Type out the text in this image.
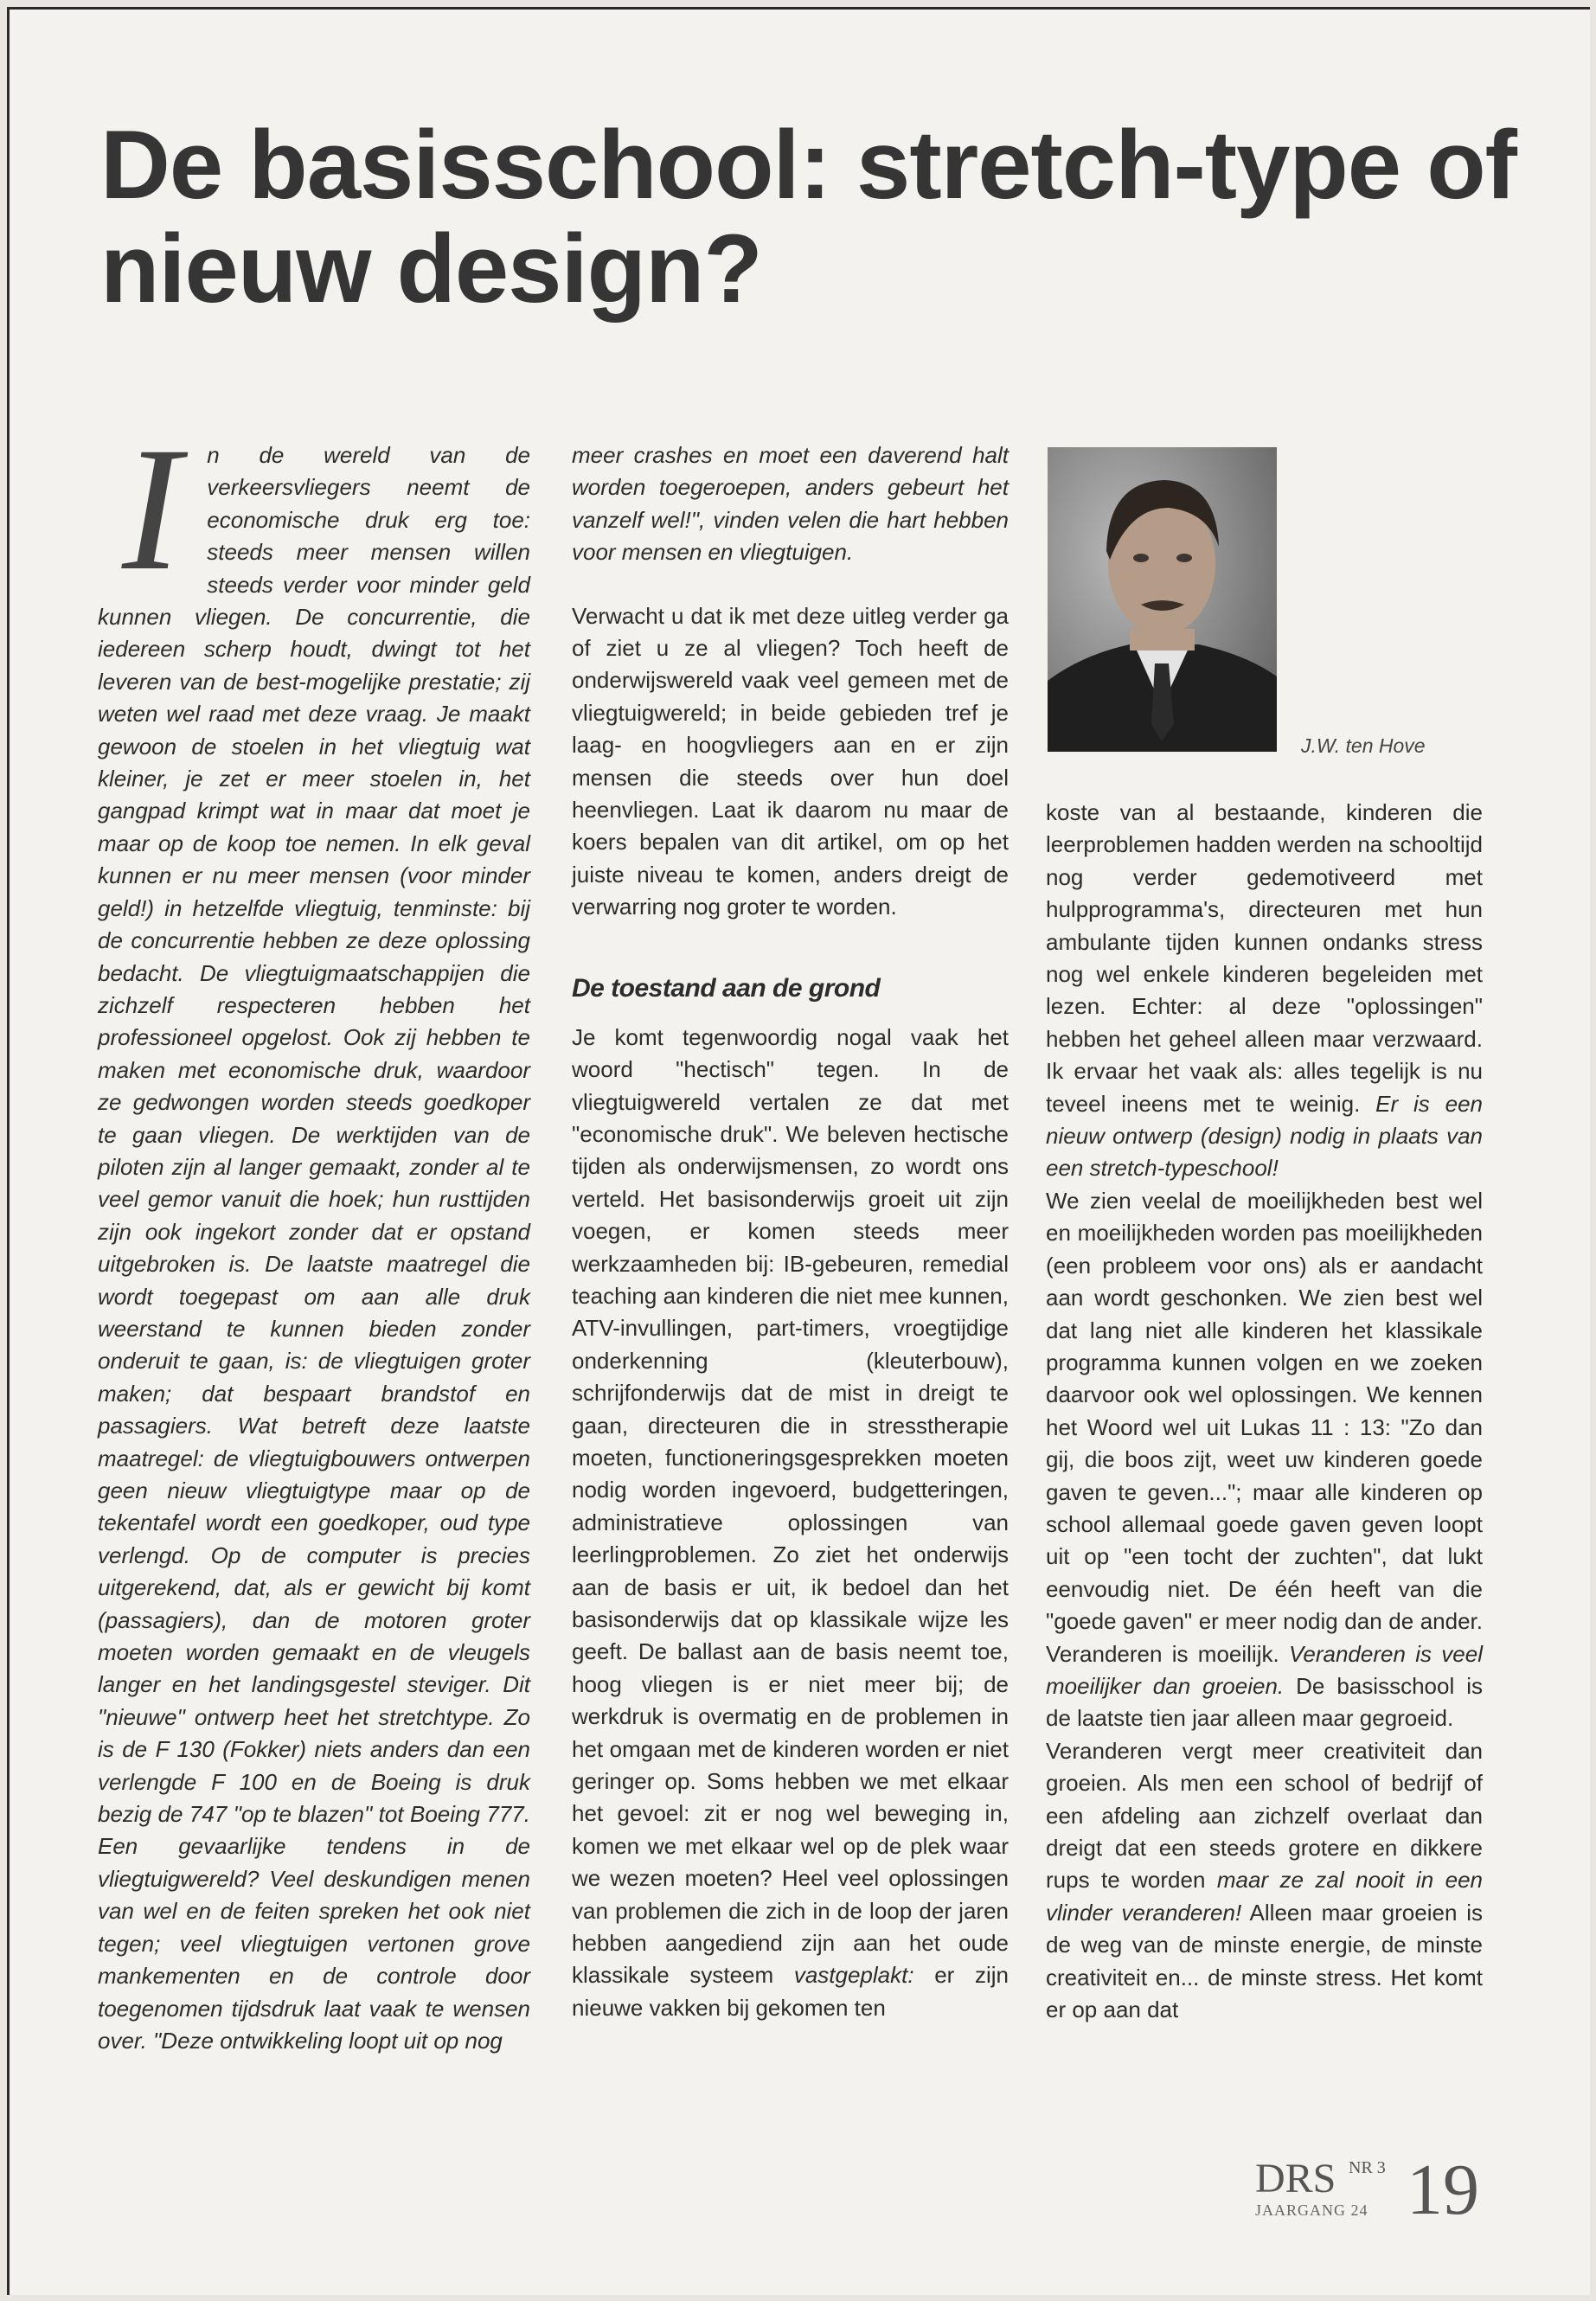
De basisschool: stretch-type of nieuw design?
I	n de wereld van de verkeersvliegers neemt de economische druk erg toe: steeds meer mensen willen steeds verder voor minder geld kunnen vliegen. De concurrentie, die iedereen scherp houdt, dwingt tot het leveren van de best-mogelijke prestatie; zij weten wel raad met deze vraag. Je maakt gewoon de stoelen in het vliegtuig wat kleiner, je zet er meer stoelen in, het gangpad krimpt wat in maar dat moet je maar op de koop toe nemen. In elk geval kunnen er nu meer mensen (voor minder geld!) in hetzelfde vliegtuig, tenminste: bij de concurrentie hebben ze deze oplossing bedacht. De vliegtuigmaatschappijen die zichzelf respecteren hebben het professioneel opgelost. Ook zij hebben te maken met economische druk, waardoor ze gedwongen worden steeds goedkoper te gaan vliegen. De werktijden van de piloten zijn al langer gemaakt, zonder al te veel gemor vanuit die hoek; hun rusttijden zijn ook ingekort zonder dat er opstand uitgebroken is. De laatste maatregel die wordt toegepast om aan alle druk weerstand te kunnen bieden zonder onderuit te gaan, is: de vliegtuigen groter maken; dat bespaart brandstof en passagiers. Wat betreft deze laatste maatregel: de vliegtuigbouwers ontwerpen geen nieuw vliegtuigtype maar op de tekentafel wordt een goedkoper, oud type verlengd. Op de computer is precies uitgerekend, dat, als er gewicht bij komt (passagiers), dan de motoren groter moeten worden gemaakt en de vleugels langer en het landingsgestel steviger. Dit "nieuwe" ontwerp heet het stretchtype. Zo is de F 130 (Fokker) niets anders dan een verlengde F 100 en de Boeing is druk bezig de 747 "op te blazen" tot Boeing 777. Een gevaarlijke tendens in de vliegtuigwereld? Veel deskundigen menen van wel en de feiten spreken het ook niet tegen; veel vliegtuigen vertonen grove mankementen en de controle door toegenomen tijdsdruk laat vaak te wensen over. "Deze ontwikkeling loopt uit op nog

meer crashes en moet een daverend halt worden toegeroepen, anders gebeurt het vanzelf wel!", vinden velen die hart hebben voor mensen en vliegtuigen.

Verwacht u dat ik met deze uitleg verder ga of ziet u ze al vliegen? Toch heeft de onderwijswereld vaak veel gemeen met de vliegtuigwereld; in beide gebieden tref je laag- en hoogvliegers aan en er zijn mensen die steeds over hun doel heenvliegen. Laat ik daarom nu maar de koers bepalen van dit artikel, om op het juiste niveau te komen, anders dreigt de verwarring nog groter te worden.

De toestand aan de grond

Je komt tegenwoordig nogal vaak het woord "hectisch" tegen. In de vliegtuigwereld vertalen ze dat met "economische druk". We beleven hectische tijden als onderwijsmensen, zo wordt ons verteld. Het basisonderwijs groeit uit zijn voegen, er komen steeds meer werkzaamheden bij: IB-gebeuren, remedial teaching aan kinderen die niet mee kunnen, ATV-invullingen, part-timers, vroegtijdige onderkenning (kleuterbouw), schrijfonderwijs dat de mist in dreigt te gaan, directeuren die in stresstherapie moeten, functioneringsgesprekken moeten nodig worden ingevoerd, budgetteringen, administratieve oplossingen van leerlingproblemen. Zo ziet het onderwijs aan de basis er uit, ik bedoel dan het basisonderwijs dat op klassikale wijze les geeft. De ballast aan de basis neemt toe, hoog vliegen is er niet meer bij; de werkdruk is overmatig en de problemen in het omgaan met de kinderen worden er niet geringer op. Soms hebben we met elkaar het gevoel: zit er nog wel beweging in, komen we met elkaar wel op de plek waar we wezen moeten? Heel veel oplossingen van problemen die zich in de loop der jaren hebben aangediend zijn aan het oude klassikale systeem vastgeplakt: er zijn nieuwe vakken bij gekomen ten

J.W. ten Hove

koste van al bestaande, kinderen die leerproblemen hadden werden na schooltijd nog verder gedemotiveerd met hulpprogramma's, directeuren met hun ambulante tijden kunnen ondanks stress nog wel enkele kinderen begeleiden met lezen. Echter: al deze "oplossingen" hebben het geheel alleen maar verzwaard. Ik ervaar het vaak als: alles tegelijk is nu teveel ineens met te weinig. Er is een nieuw ontwerp (design) nodig in plaats van een stretch-typeschool!

We zien veelal de moeilijkheden best wel en moeilijkheden worden pas moeilijkheden (een probleem voor ons) als er aandacht aan wordt geschonken. We zien best wel dat lang niet alle kinderen het klassikale programma kunnen volgen en we zoeken daarvoor ook wel oplossingen. We kennen het Woord wel uit Lukas 11 : 13: "Zo dan gij, die boos zijt, weet uw kinderen goede gaven te geven..."; maar alle kinderen op school allemaal goede gaven geven loopt uit op "een tocht der zuchten", dat lukt eenvoudig niet. De één heeft van die "goede gaven" er meer nodig dan de ander. Veranderen is moeilijk. Veranderen is veel moeilijker dan groeien. De basisschool is de laatste tien jaar alleen maar gegroeid.

Veranderen vergt meer creativiteit dan groeien. Als men een school of bedrijf of een afdeling aan zichzelf overlaat dan dreigt dat een steeds grotere en dikkere rups te worden maar ze zal nooit in een vlinder veranderen! Alleen maar groeien is de weg van de minste energie, de minste creativiteit en... de minste stress. Het komt er op aan dat

DRS NR 3
JAARGANG 24 19
